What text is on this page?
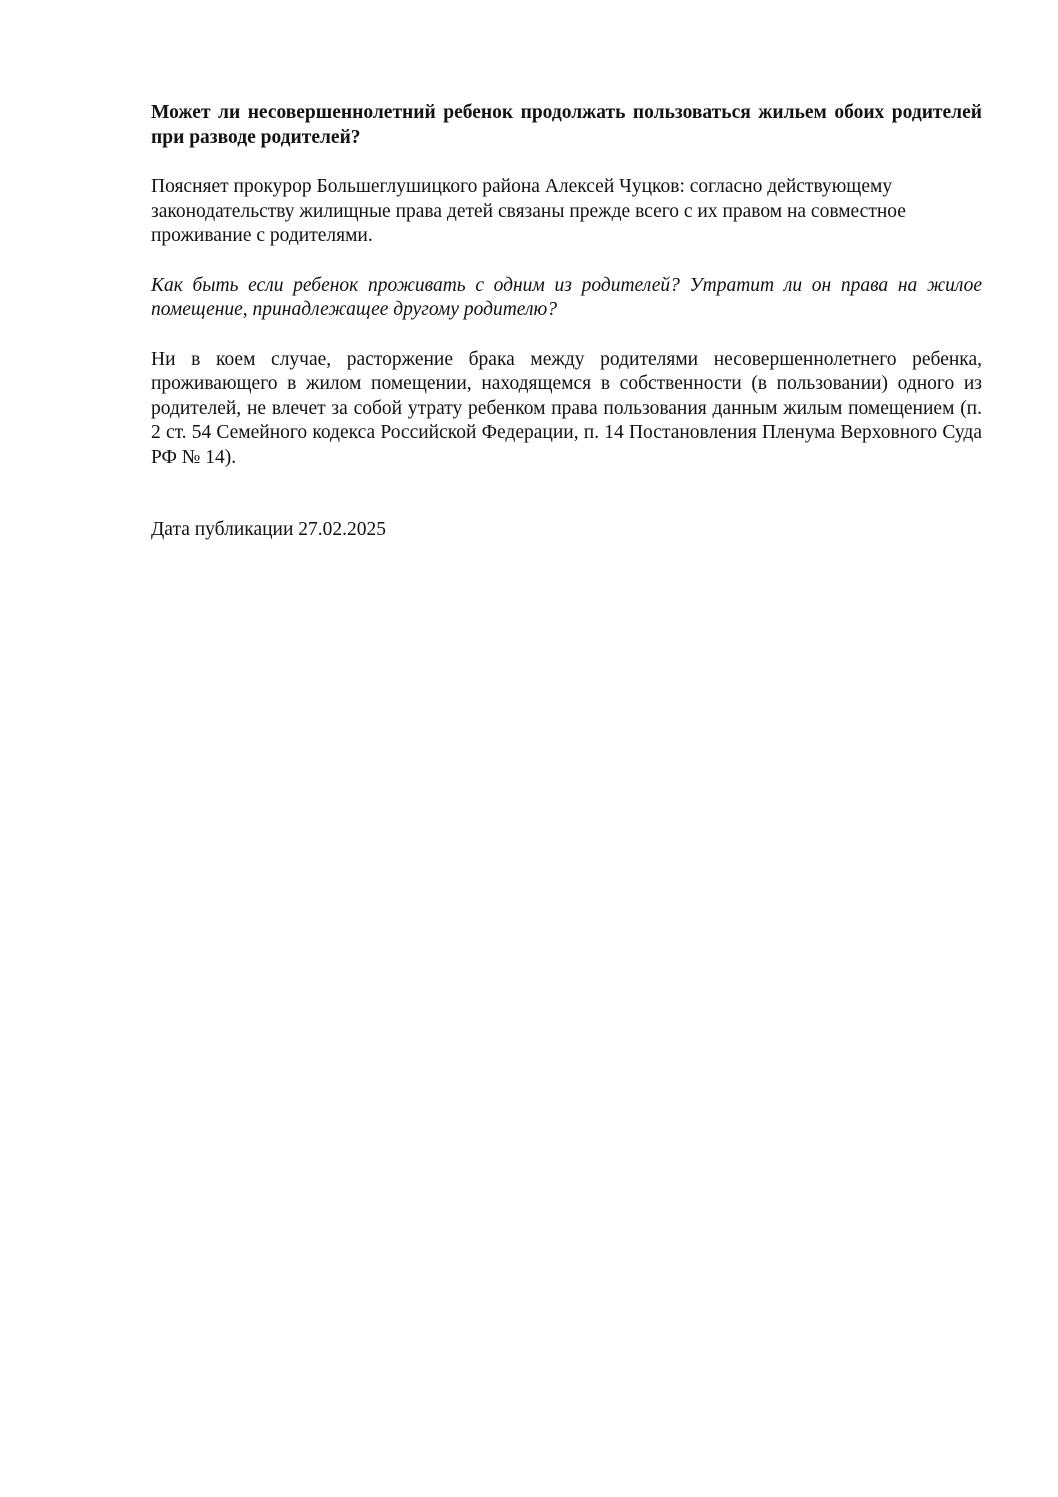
Может ли несовершеннолетний ребенок продолжать пользоваться жильем обоих родителей при разводе родителей?

Поясняет прокурор Большеглушицкого района Алексей Чуцков: согласно действующему законодательству жилищные права детей связаны прежде всего с их правом на совместное проживание с родителями.

Как быть если ребенок проживать с одним из родителей? Утратит ли он права на жилое помещение, принадлежащее другому родителю?

Ни в коем случае, расторжение брака между родителями несовершеннолетнего ребенка, проживающего в жилом помещении, находящемся в собственности (в пользовании) одного из родителей, не влечет за собой утрату ребенком права пользования данным жилым помещением (п. 2 ст. 54 Семейного кодекса Российской Федерации, п. 14 Постановления Пленума Верховного Суда РФ № 14).

Дата публикации 27.02.2025
